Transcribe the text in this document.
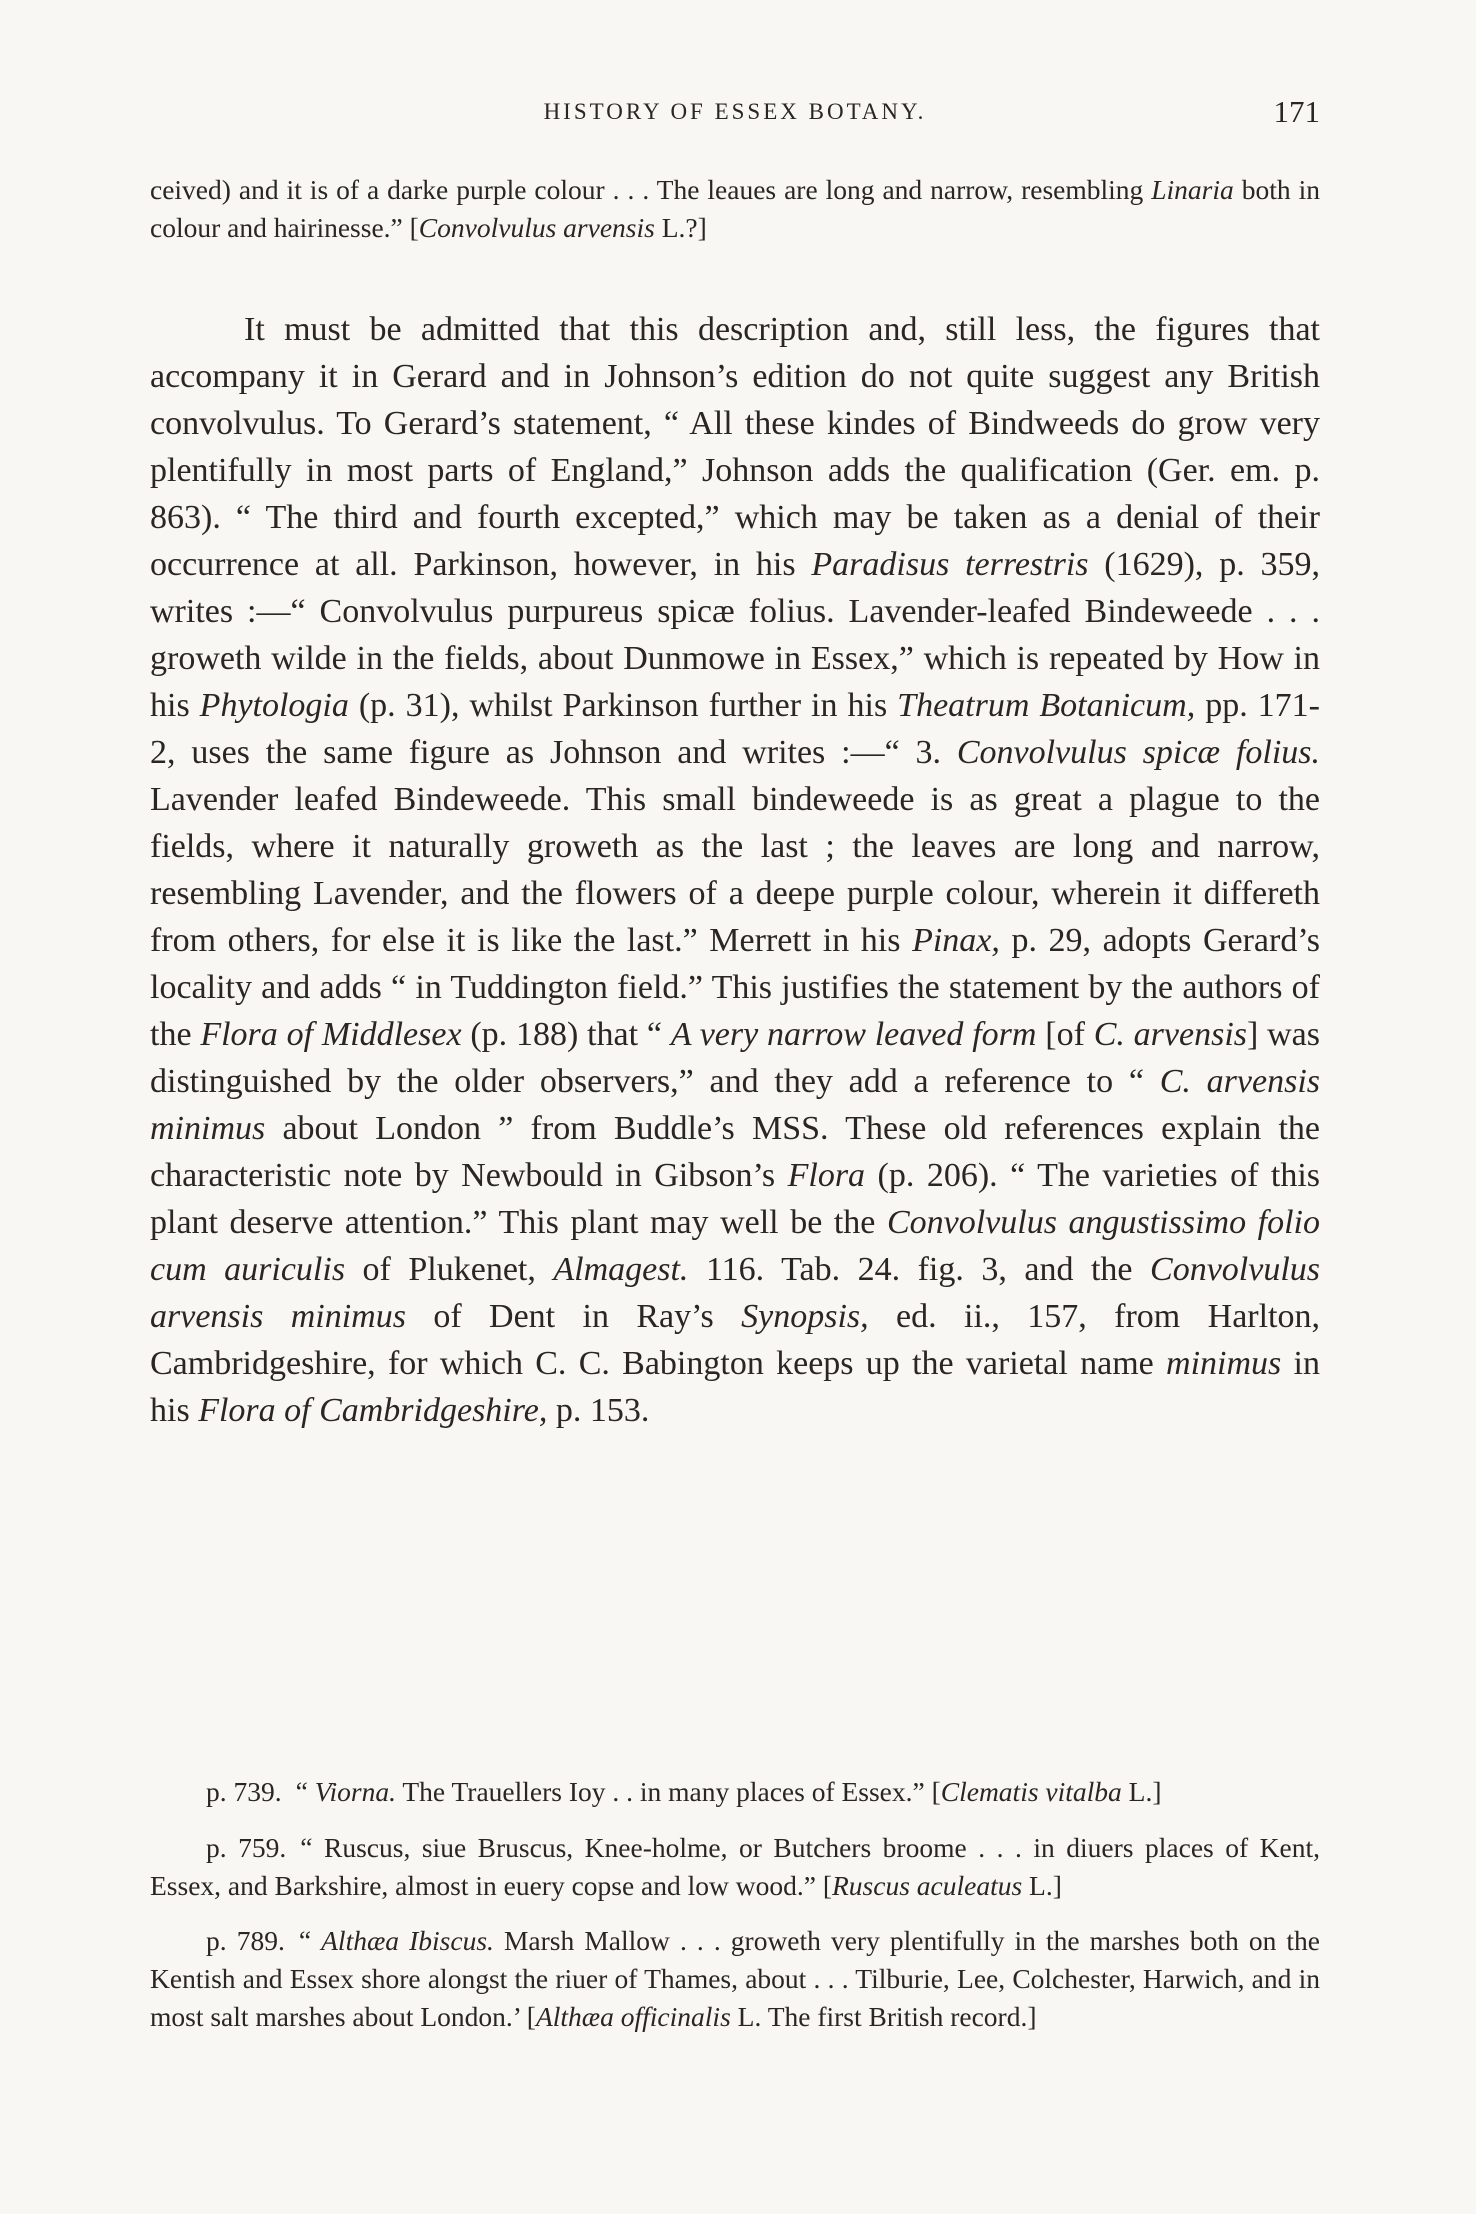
HISTORY OF ESSEX BOTANY.	171

ceived) and it is of a darke purple colour . . . The leaues are long and narrow, resembling Linaria both in colour and hairinesse.” [Convolvulus arvensis L.?]

It must be admitted that this description and, still less, the figures that accompany it in Gerard and in Johnson’s edition do not quite suggest any British convolvulus. To Gerard’s statement, “ All these kindes of Bindweeds do grow very plentifully in most parts of England,” Johnson adds the qualification (Ger. em. p. 863). “ The third and fourth excepted,” which may be taken as a denial of their occurrence at all. Parkinson, however, in his Paradisus terrestris (1629), p. 359, writes :—“ Convolvulus purpureus spicæ folius. Lavender-leafed Bindeweede . . . groweth wilde in the fields, about Dunmowe in Essex,” which is repeated by How in his Phytologia (p. 31), whilst Parkinson further in his Theatrum Botanicum, pp. 171-2, uses the same figure as Johnson and writes :—“ 3. Convolvulus spicæ folius. Lavender leafed Bindeweede. This small bindeweede is as great a plague to the fields, where it naturally groweth as the last ; the leaves are long and narrow, resembling Lavender, and the flowers of a deepe purple colour, wherein it differeth from others, for else it is like the last.” Merrett in his Pinax, p. 29, adopts Gerard’s locality and adds “ in Tuddington field.” This justifies the statement by the authors of the Flora of Middlesex (p. 188) that “ A very narrow leaved form [of C. arvensis] was distinguished by the older observers,” and they add a reference to “ C. arvensis minimus about London ” from Buddle’s MSS. These old references explain the characteristic note by Newbould in Gibson’s Flora (p. 206). “ The varieties of this plant deserve attention.” This plant may well be the Convolvulus angustissimo folio cum auriculis of Plukenet, Almagest. 116. Tab. 24. fig. 3, and the Convolvulus arvensis minimus of Dent in Ray’s Synopsis, ed. ii., 157, from Harlton, Cambridgeshire, for which C. C. Babington keeps up the varietal name minimus in his Flora of Cambridgeshire, p. 153.

p. 739. “ Viorna. The Trauellers Ioy . . in many places of Essex.” [Clematis vitalba L.]

p. 759. “ Ruscus, siue Bruscus, Knee-holme, or Butchers broome . . . in diuers places of Kent, Essex, and Barkshire, almost in euery copse and low wood.” [Ruscus aculeatus L.]

p. 789. “ Althæa Ibiscus. Marsh Mallow . . . groweth very plentifully in the marshes both on the Kentish and Essex shore alongst the riuer of Thames, about . . . Tilburie, Lee, Colchester, Harwich, and in most salt marshes about London.’ [Althæa officinalis L. The first British record.]
